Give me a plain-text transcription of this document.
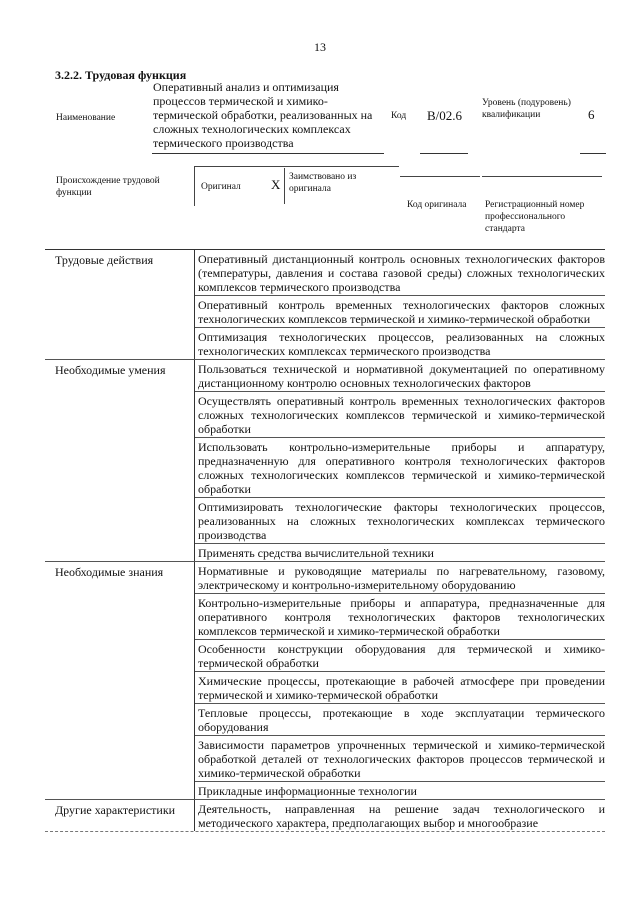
13
3.2.2. Трудовая функция
Наименование
Оперативный анализ и оптимизация процессов термической и химико-термической обработки, реализованных на сложных технологических комплексах термического производства
Код B/02.6
Уровень (подуровень) квалификации	6
Происхождение трудовой функции
Оригинал X Заимствовано из оригинала
Код оригинала Регистрационный номер профессионального стандарта
Трудовые действия	Оперативный дистанционный контроль основных технологических факторов (температуры, давления и состава газовой среды) сложных технологических комплексов термического производства
Оперативный контроль временных технологических факторов сложных технологических комплексов термической и химико-термической обработки
Оптимизация технологических процессов, реализованных на сложных технологических комплексах термического производства
Необходимые умения	Пользоваться технической и нормативной документацией по оперативному дистанционному контролю основных технологических факторов
Осуществлять оперативный контроль временных технологических факторов сложных технологических комплексов термической и химико-термической обработки
Использовать контрольно-измерительные приборы и аппаратуру, предназначенную для оперативного контроля технологических факторов сложных технологических комплексов термической и химико-термической обработки
Оптимизировать технологические факторы технологических процессов, реализованных на сложных технологических комплексах термического производства
Применять средства вычислительной техники
Необходимые знания	Нормативные и руководящие материалы по нагревательному, газовому, электрическому и контрольно-измерительному оборудованию
Контрольно-измерительные приборы и аппаратура, предназначенные для оперативного контроля технологических факторов технологических комплексов термической и химико-термической обработки
Особенности конструкции оборудования для термической и химико-термической обработки
Химические процессы, протекающие в рабочей атмосфере при проведении термической и химико-термической обработки
Тепловые процессы, протекающие в ходе эксплуатации термического оборудования
Зависимости параметров упрочненных термической и химико-термической обработкой деталей от технологических факторов процессов термической и химико-термической обработки
Прикладные информационные технологии
Другие характеристики	Деятельность, направленная на решение задач технологического и методического характера, предполагающих выбор и многообразие
